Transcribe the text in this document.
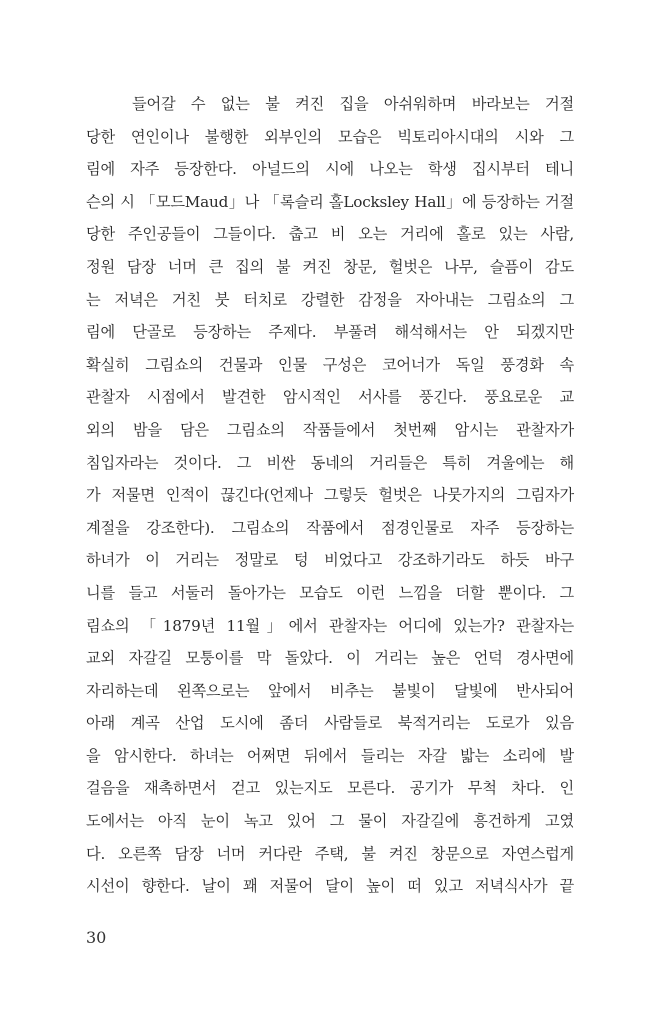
들어갈 수 없는 불 켜진 집을 아쉬워하며 바라보는 거절
당한 연인이나 불행한 외부인의 모습은 빅토리아시대의 시와 그
림에 자주 등장한다. 아널드의 시에 나오는 학생 집시부터 테니
슨의 시 「모드Maud」나 「록슬리 홀Locksley Hall」에 등장하는 거절
당한 주인공들이 그들이다. 춥고 비 오는 거리에 홀로 있는 사람,
정원 담장 너머 큰 집의 불 켜진 창문, 헐벗은 나무, 슬픔이 감도
는 저녁은 거친 붓 터치로 강렬한 감정을 자아내는 그림쇼의 그
림에 단골로 등장하는 주제다. 부풀려 해석해서는 안 되겠지만
확실히 그림쇼의 건물과 인물 구성은 코어너가 독일 풍경화 속
관찰자 시점에서 발견한 암시적인 서사를 풍긴다. 풍요로운 교
외의 밤을 담은 그림쇼의 작품들에서 첫번째 암시는 관찰자가
침입자라는 것이다. 그 비싼 동네의 거리들은 특히 겨울에는 해
가 저물면 인적이 끊긴다(언제나 그렇듯 헐벗은 나뭇가지의 그림자가
계절을 강조한다). 그림쇼의 작품에서 점경인물로 자주 등장하는
하녀가 이 거리는 정말로 텅 비었다고 강조하기라도 하듯 바구
니를 들고 서둘러 돌아가는 모습도 이런 느낌을 더할 뿐이다. 그
림쇼의 「1879년 11월」에서 관찰자는 어디에 있는가? 관찰자는
교외 자갈길 모퉁이를 막 돌았다. 이 거리는 높은 언덕 경사면에
자리하는데 왼쪽으로는 앞에서 비추는 불빛이 달빛에 반사되어
아래 계곡 산업 도시에 좀더 사람들로 북적거리는 도로가 있음
을 암시한다. 하녀는 어쩌면 뒤에서 들리는 자갈 밟는 소리에 발
걸음을 재촉하면서 걷고 있는지도 모른다. 공기가 무척 차다. 인
도에서는 아직 눈이 녹고 있어 그 물이 자갈길에 흥건하게 고였
다. 오른쪽 담장 너머 커다란 주택, 불 켜진 창문으로 자연스럽게
시선이 향한다. 날이 꽤 저물어 달이 높이 떠 있고 저녁식사가 끝
30
